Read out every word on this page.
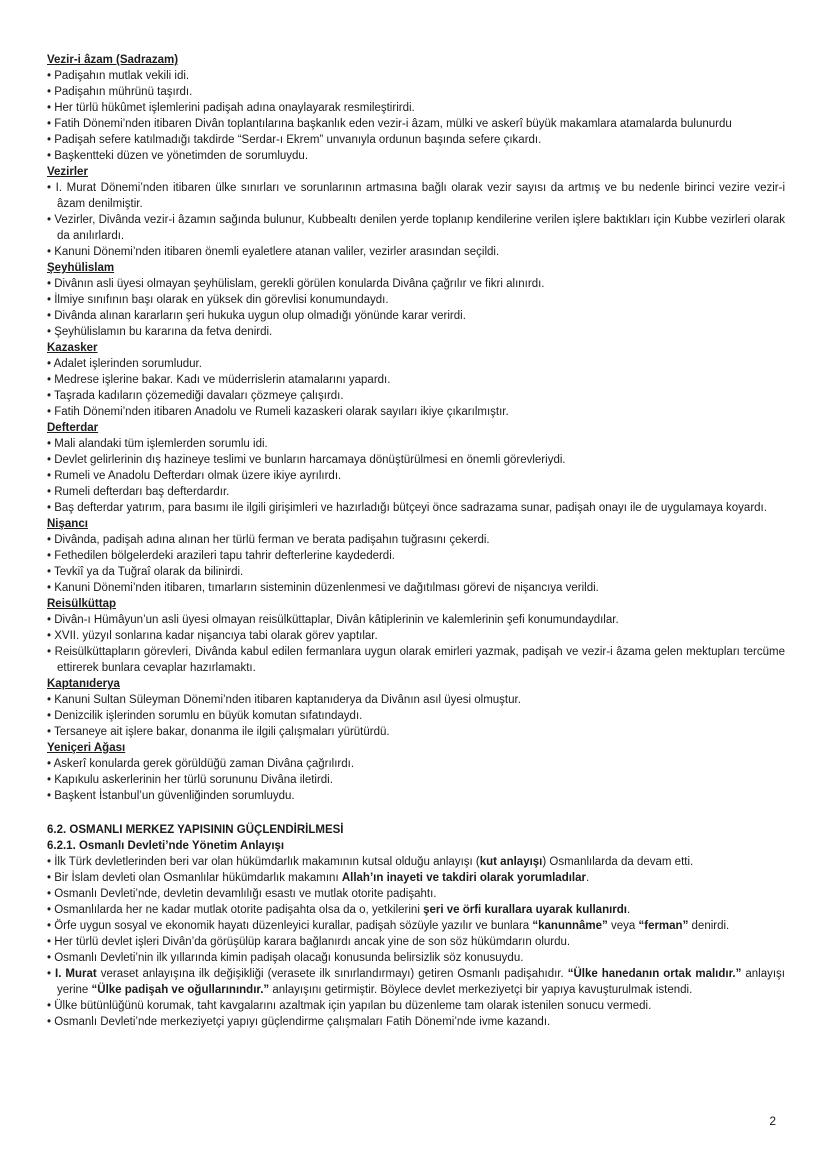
Vezir-i âzam (Sadrazam)
• Padişahın mutlak vekili idi.
• Padişahın mührünü taşırdı.
• Her türlü hükûmet işlemlerini padişah adına onaylayarak resmileştirirdi.
• Fatih Dönemi’nden itibaren Divân toplantılarına başkanlık eden vezir-i âzam, mülki ve askerî büyük makamlara atamalarda bulunurdu
• Padişah sefere katılmadığı takdirde “Serdar-ı Ekrem” unvanıyla ordunun başında sefere çıkardı.
• Başkentteki düzen ve yönetimden de sorumluydu.
Vezirler
• I. Murat Dönemi’nden itibaren ülke sınırları ve sorunlarının artmasına bağlı olarak vezir sayısı da artmış ve bu nedenle birinci vezire vezir-i âzam denilmiştir.
• Vezirler, Divânda vezir-i âzamın sağında bulunur, Kubbealtı denilen yerde toplanıp kendilerine verilen işlere baktıkları için Kubbe vezirleri olarak da anılırlardı.
• Kanuni Dönemi’nden itibaren önemli eyaletlere atanan valiler, vezirler arasından seçildi.
Şeyhülislam
• Divânın asli üyesi olmayan şeyhülislam, gerekli görülen konularda Divâna çağrılır ve fikri alınırdı.
• İlmiye sınıfının başı olarak en yüksek din görevlisi konumundaydı.
• Divânda alınan kararların şeri hukuka uygun olup olmadığı yönünde karar verirdi.
• Şeyhülislamın bu kararına da fetva denirdi.
Kazasker
• Adalet işlerinden sorumludur.
• Medrese işlerine bakar. Kadı ve müderrislerin atamalarını yapardı.
• Taşrada kadıların çözemediği davaları çözmeye çalışırdı.
• Fatih Dönemi’nden itibaren Anadolu ve Rumeli kazaskeri olarak sayıları ikiye çıkarılmıştır.
Defterdar
• Mali alandaki tüm işlemlerden sorumlu idi.
• Devlet gelirlerinin dış hazineye teslimi ve bunların harcamaya dönüştürülmesi en önemli görevleriydi.
• Rumeli ve Anadolu Defterdarı olmak üzere ikiye ayrılırdı.
• Rumeli defterdarı baş defterdardır.
• Baş defterdar yatırım, para basımı ile ilgili girişimleri ve hazırladığı bütçeyi önce sadrazama sunar, padişah onayı ile de uygulamaya koyardı.
Nişancı
• Divânda, padişah adına alınan her türlü ferman ve berata padişahın tuğrasını çekerdi.
• Fethedilen bölgelerdeki arazileri tapu tahrir defterlerine kaydederdi.
• Tevkiî ya da Tuğraî olarak da bilinirdi.
• Kanuni Dönemi’nden itibaren, tımarların sisteminin düzenlenmesi ve dağıtılması görevi de nişancıya verildi.
Reisülküttap
• Divân-ı Hümâyun’un asli üyesi olmayan reisülküttaplar, Divân kâtiplerinin ve kalemlerinin şefi konumundaydılar.
• XVII. yüzyıl sonlarına kadar nişancıya tabi olarak görev yaptılar.
• Reisülküttapların görevleri, Divânda kabul edilen fermanlara uygun olarak emirleri yazmak, padişah ve vezir-i âzama gelen mektupları tercüme ettirerek bunlara cevaplar hazırlamaktı.
Kaptanıderya
• Kanuni Sultan Süleyman Dönemi’nden itibaren kaptanıderya da Divânın asıl üyesi olmuştur.
• Denizcilik işlerinden sorumlu en büyük komutan sıfatındaydı.
• Tersaneye ait işlere bakar, donanma ile ilgili çalışmaları yürütürdü.
Yeniçeri Ağası
• Askerî konularda gerek görüldüğü zaman Divâna çağrılırdı.
• Kapıkulu askerlerinin her türlü sorununu Divâna iletirdi.
• Başkent İstanbul’un güvenliğinden sorumluydu.
6.2. OSMANLI MERKEZ YAPISININ GÜÇLENDİRİLMESİ
6.2.1. Osmanlı Devleti’nde Yönetim Anlayışı
• İlk Türk devletlerinden beri var olan hükümdarlık makamının kutsal olduğu anlayışı (kut anlayışı) Osmanlılarda da devam etti.
• Bir İslam devleti olan Osmanlılar hükümdarlık makamını Allah’ın inayeti ve takdiri olarak yorumladılar.
• Osmanlı Devleti’nde, devletin devamlılığı esastı ve mutlak otorite padişahtı.
• Osmanlılarda her ne kadar mutlak otorite padişahta olsa da o, yetkilerini şeri ve örfi kurallara uyarak kullanırdı.
• Örfe uygun sosyal ve ekonomik hayatı düzenleyici kurallar, padişah sözüyle yazılır ve bunlara “kanunnâme” veya “ferman” denirdi.
• Her türlü devlet işleri Divân’da görüşülüp karara bağlanırdı ancak yine de son söz hükümdarın olurdu.
• Osmanlı Devleti’nin ilk yıllarında kimin padişah olacağı konusunda belirsizlik söz konusuydu.
• I. Murat veraset anlayışına ilk değişikliği (verasete ilk sınırlandırmayı) getiren Osmanlı padişahıdır. “Ülke hanedanın ortak malıdır.” anlayışı yerine “Ülke padişah ve oğullarınındır.” anlayışını getirmiştir. Böylece devlet merkeziyetçi bir yapıya kavuşturulmak istendi.
• Ülke bütünlüğünü korumak, taht kavgalarını azaltmak için yapılan bu düzenleme tam olarak istenilen sonucu vermedi.
• Osmanlı Devleti’nde merkeziyetçi yapıyı güçlendirme çalışmaları Fatih Dönemi’nde ivme kazandı.
2
